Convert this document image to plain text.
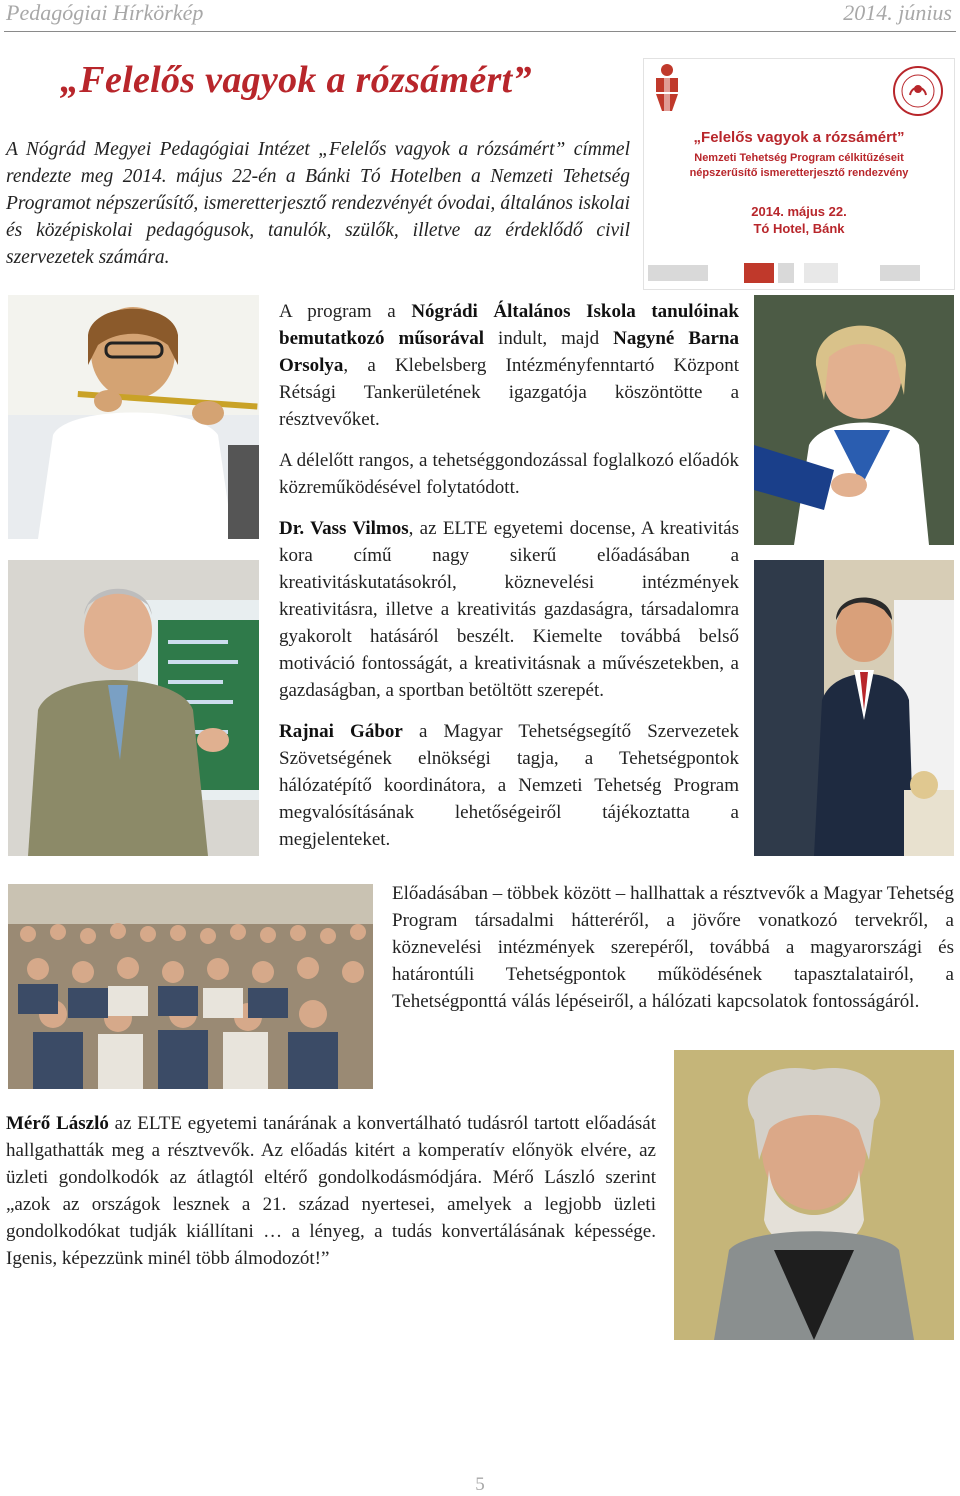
Pedagógiai Hírkörkép	2014. június
„Felelős vagyok a rózsámért”
A Nógrád Megyei Pedagógiai Intézet „Felelős vagyok a rózsámért” címmel rendezte meg 2014. május 22-én a Bánki Tó Hotelben a Nemzeti Tehetség Programot népszerűsítő, ismeretterjesztő rendezvényét óvodai, általános iskolai és középiskolai pedagógusok, tanulók, szülők, illetve az érdeklődő civil szervezetek számára.
„Felelős vagyok a rózsámért”
Nemzeti Tehetség Program célkitűzéseit népszerűsítő ismeretterjesztő rendezvény
2014. május 22.
Tó Hotel, Bánk

A program a Nógrádi Általános Iskola tanulóinak bemutatkozó műsorával indult, majd Nagyné Barna Orsolya, a Klebelsberg Intézményfenntartó Központ Rétsági Tankerületének igazgatója köszöntötte a résztvevőket.

A délelőtt rangos, a tehetséggondozással foglalkozó előadók közreműködésével folytatódott.

Dr. Vass Vilmos, az ELTE egyetemi docense, A kreativitás kora című nagy sikerű előadásában a kreativitáskutatásokról, köznevelési intézmények kreativitásra, illetve a kreativitás gazdaságra, társadalomra gyakorolt hatásáról beszélt. Kiemelte továbbá belső motiváció fontosságát, a kreativitásnak a művészetekben, a gazdaságban, a sportban betöltött szerepét.

Rajnai Gábor a Magyar Tehetségsegítő Szervezetek Szövetségének elnökségi tagja, a Tehetségpontok hálózatépítő koordinátora, a Nemzeti Tehetség Program megvalósításának lehetőségeiről tájékoztatta a megjelenteket.

Előadásában – többek között – hallhattak a résztvevők a Magyar Tehetség Program társadalmi hátteréről, a jövőre vonatkozó tervekről, a köznevelési intézmények szerepéről, továbbá a magyarországi és határontúli Tehetségpontok működésének tapasztalatairól, a Tehetségponttá válás lépéseiről, a hálózati kapcsolatok fontosságáról.

Mérő László az ELTE egyetemi tanárának a konvertálható tudásról tartott előadását hallgathatták meg a résztvevők. Az előadás kitért a komperatív előnyök elvére, az üzleti gondolkodók az átlagtól eltérő gondolkodásmódjára. Mérő László szerint „azok az országok lesznek a 21. század nyertesei, amelyek a legjobb üzleti gondolkodókat tudják kiállítani … a lényeg, a tudás konvertálásának képessége. Igenis, képezzünk minél több álmodozót!”

5
